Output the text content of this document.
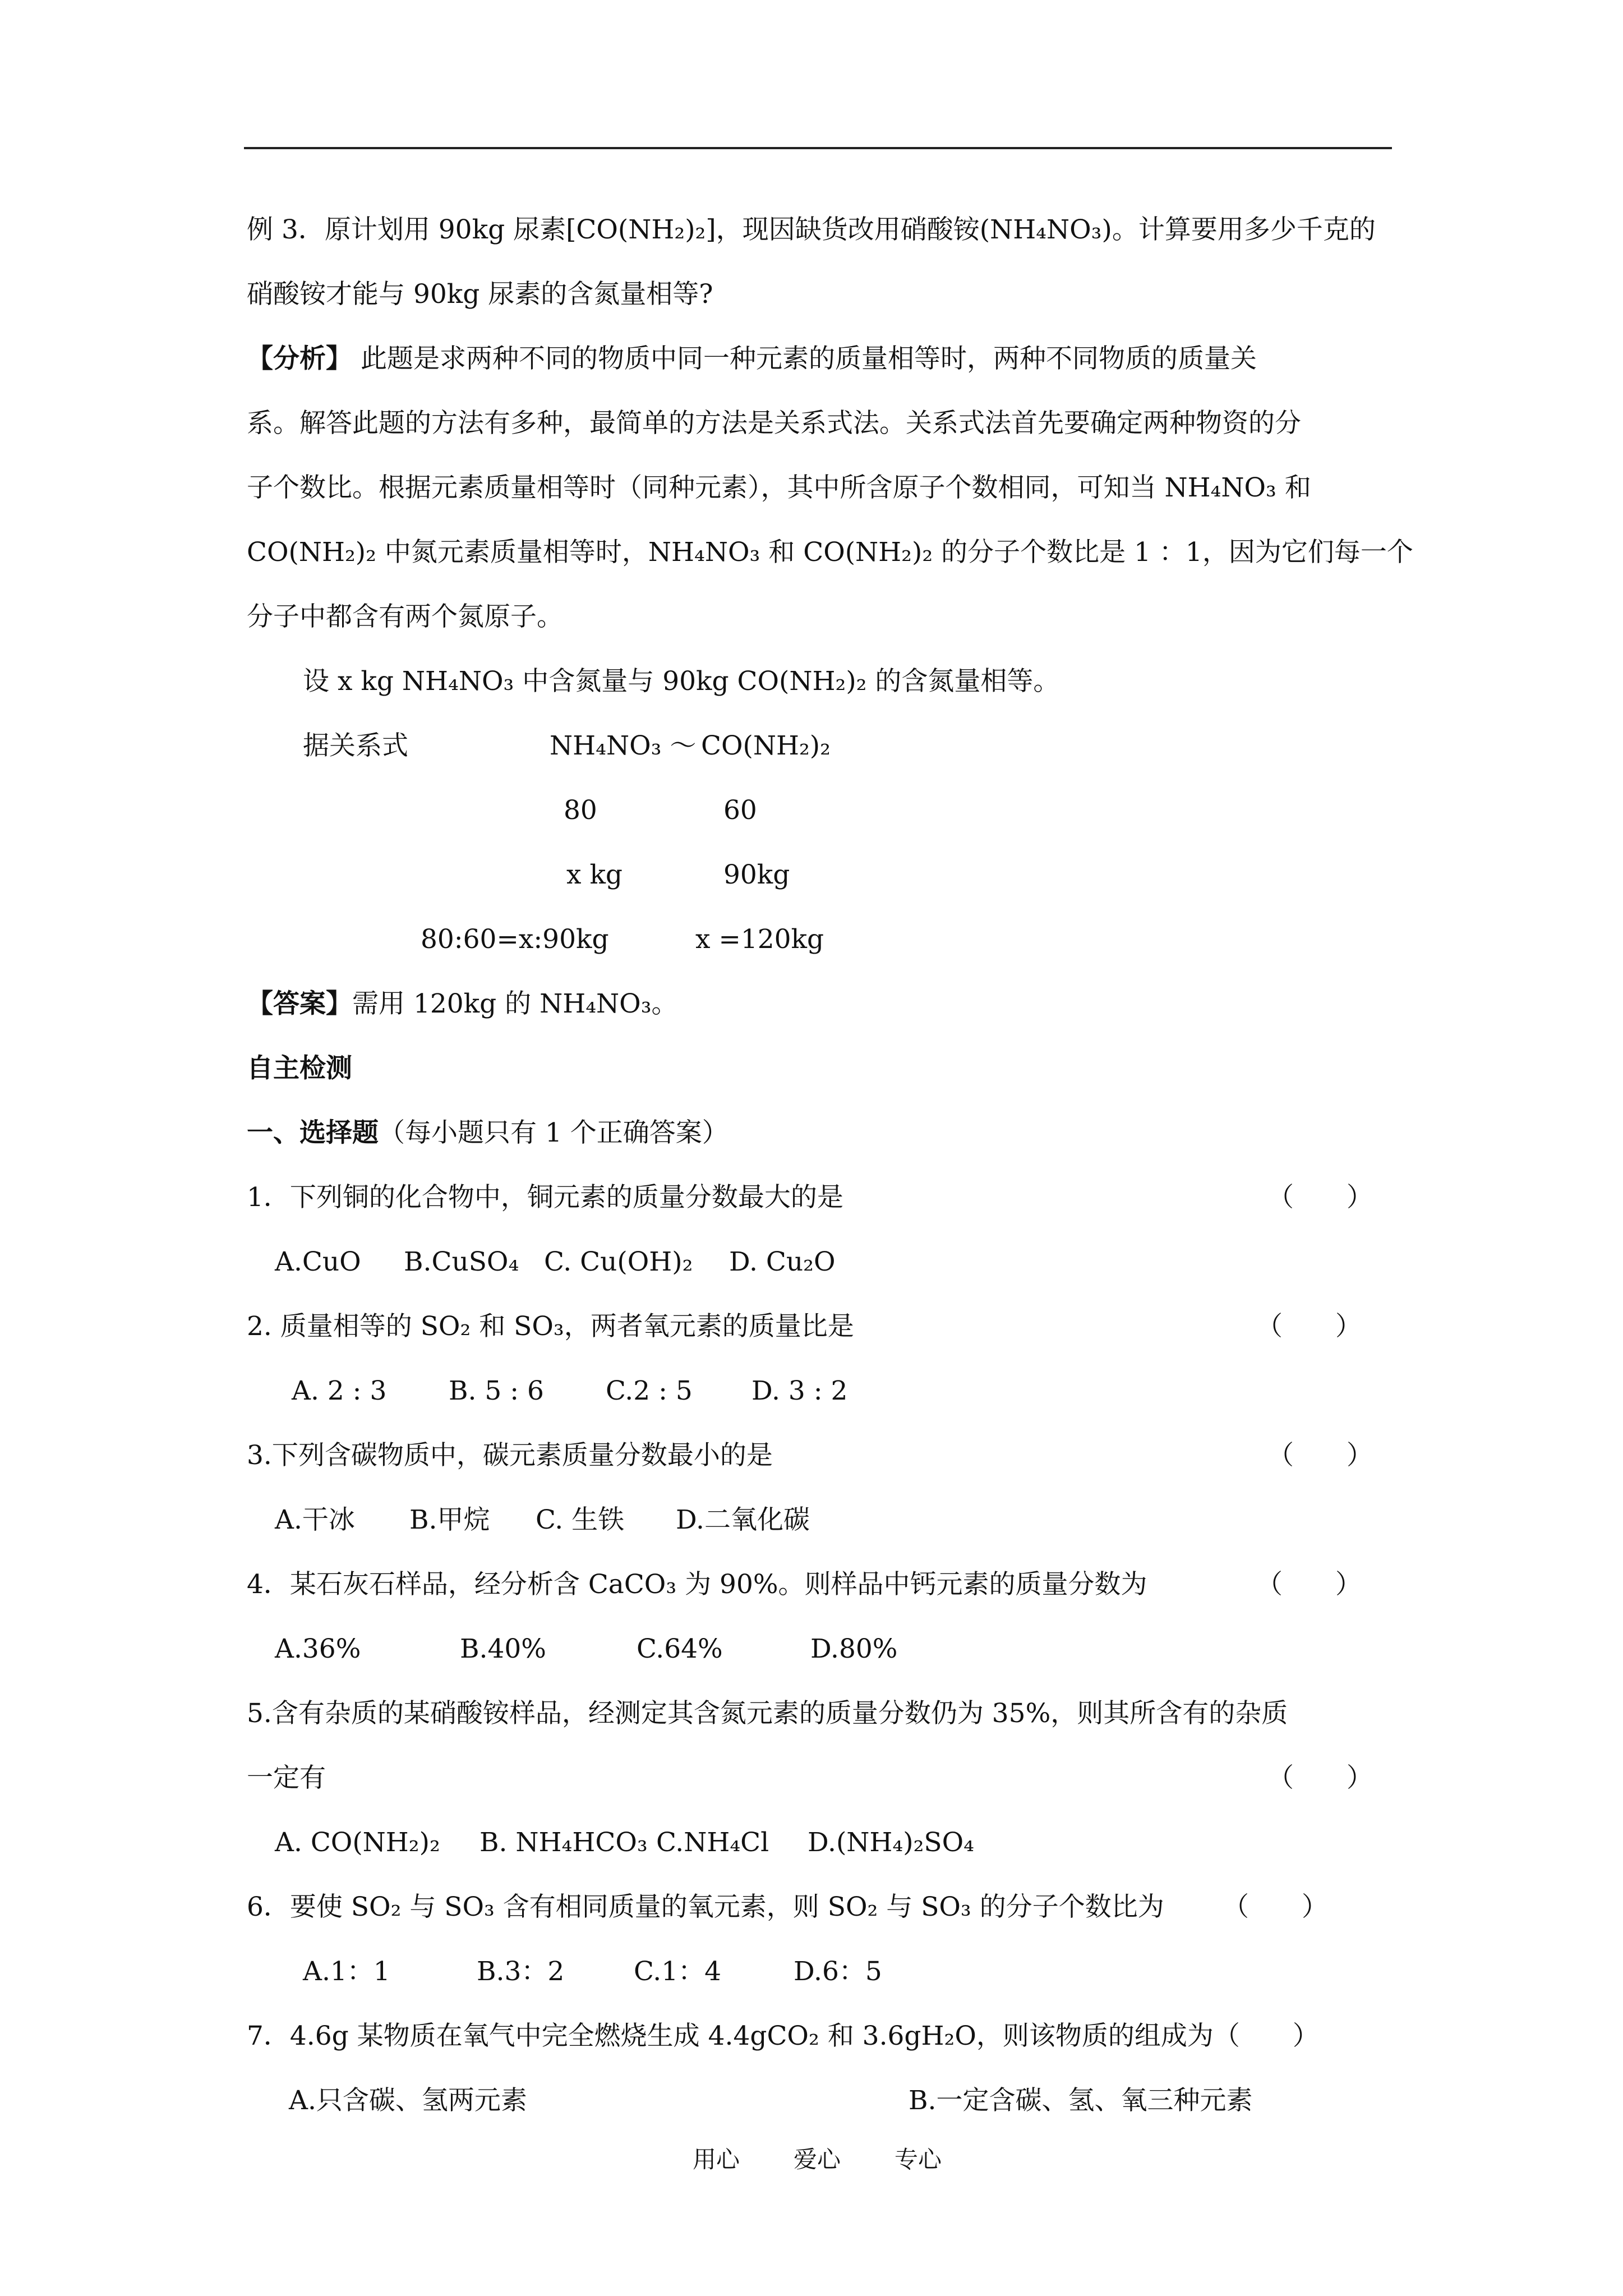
例 3．原计划用 90kg 尿素[CO(NH₂)₂]，现因缺货改用硝酸铵(NH₄NO₃)。计算要用多少千克的
硝酸铵才能与 90kg 尿素的含氮量相等?
【分析】 此题是求两种不同的物质中同一种元素的质量相等时，两种不同物质的质量关
系。解答此题的方法有多种，最简单的方法是关系式法。关系式法首先要确定两种物资的分
子个数比。根据元素质量相等时（同种元素），其中所含原子个数相同，可知当 NH₄NO₃ 和
CO(NH₂)₂ 中氮元素质量相等时，NH₄NO₃ 和 CO(NH₂)₂ 的分子个数比是 1 ：1，因为它们每一个
分子中都含有两个氮原子。
设 x kg NH₄NO₃ 中含氮量与 90kg CO(NH₂)₂ 的含氮量相等。
据关系式	NH₄NO₃ ～ CO(NH₂)₂
80	60
x kg	90kg
80:60=x:90kg	x =120kg
【答案】需用 120kg 的 NH₄NO₃。
自主检测
一、选择题（每小题只有 1 个正确答案）
1．下列铜的化合物中，铜元素的质量分数最大的是	（　　）
A.CuO B.CuSO₄ C. Cu(OH)₂ D. Cu₂O
2. 质量相等的 SO₂ 和 SO₃，两者氧元素的质量比是	（　　）
A. 2 : 3 B. 5 : 6 C.2 : 5 D. 3 : 2
3.下列含碳物质中，碳元素质量分数最小的是	（　　）
A.干冰 B.甲烷 C. 生铁 D.二氧化碳
4．某石灰石样品，经分析含 CaCO₃ 为 90%。则样品中钙元素的质量分数为	（　　）
A.36%	B.40%	C.64%	D.80%
5.含有杂质的某硝酸铵样品，经测定其含氮元素的质量分数仍为 35%，则其所含有的杂质
一定有	（　　）
A. CO(NH₂)₂ B. NH₄HCO₃ C.NH₄Cl D.(NH₄)₂SO₄
6．要使 SO₂ 与 SO₃ 含有相同质量的氧元素，则 SO₂ 与 SO₃ 的分子个数比为 （　　）
A.1：1	B.3：2	C.1：4	D.6：5
7．4.6g 某物质在氧气中完全燃烧生成 4.4gCO₂ 和 3.6gH₂O，则该物质的组成为（　　）
A.只含碳、氢两元素	B.一定含碳、氢、氧三种元素
用心 爱心 专心
